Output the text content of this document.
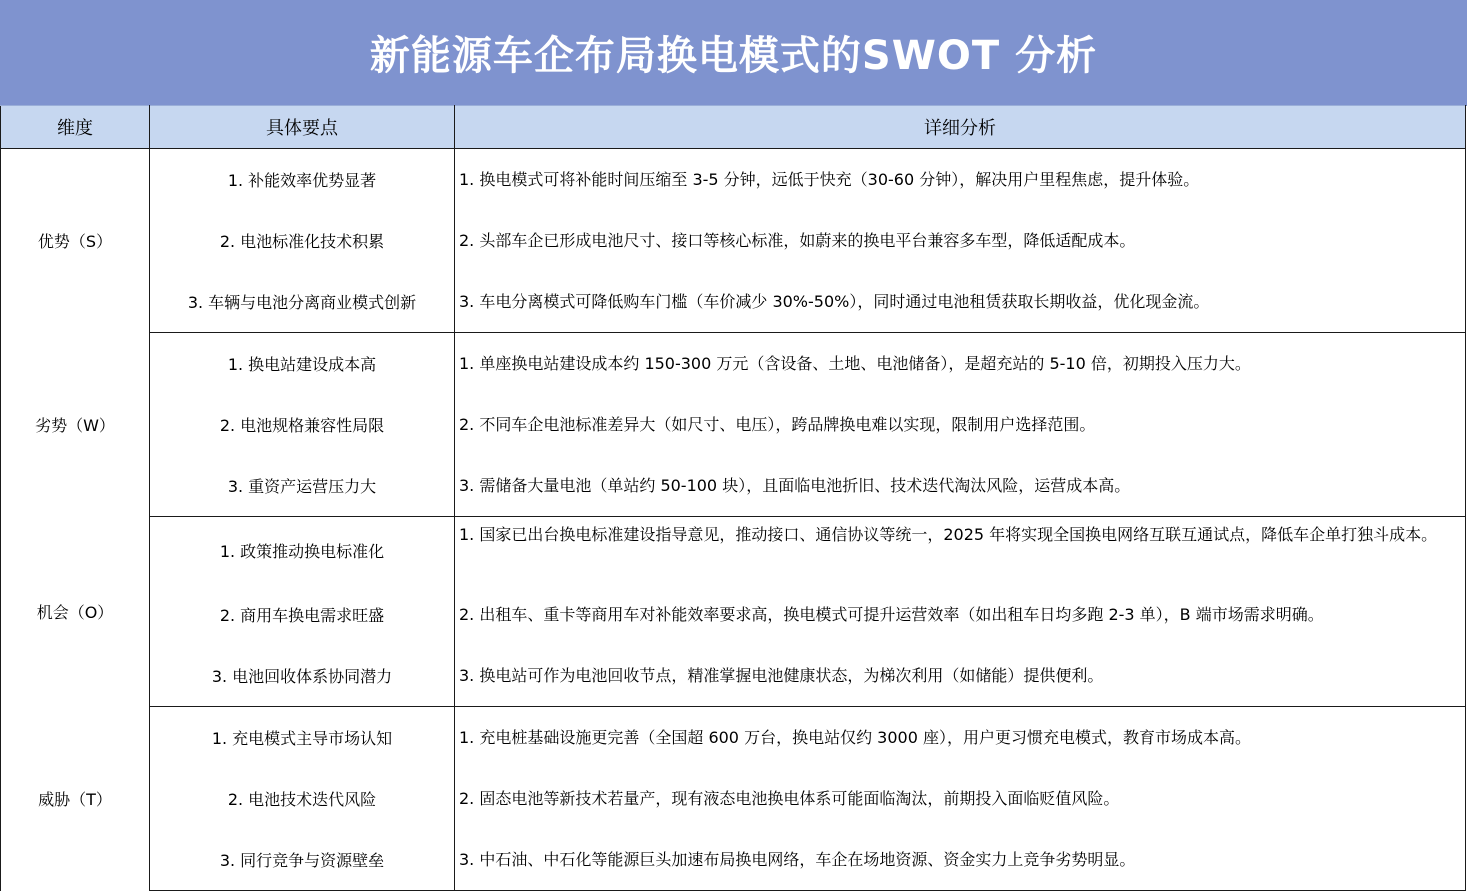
新能源车企布局换电模式的SWOT 分析
维度	具体要点	详细分析
优势（S）	1. 补能效率优势显著	1. 换电模式可将补能时间压缩至 3-5 分钟，远低于快充（30-60 分钟），解决用户里程焦虑，提升体验。
	2. 电池标准化技术积累	2. 头部车企已形成电池尺寸、接口等核心标准，如蔚来的换电平台兼容多车型，降低适配成本。
	3. 车辆与电池分离商业模式创新	3. 车电分离模式可降低购车门槛（车价减少 30%-50%），同时通过电池租赁获取长期收益，优化现金流。
劣势（W）	1. 换电站建设成本高	1. 单座换电站建设成本约 150-300 万元（含设备、土地、电池储备），是超充站的 5-10 倍，初期投入压力大。
	2. 电池规格兼容性局限	2. 不同车企电池标准差异大（如尺寸、电压），跨品牌换电难以实现，限制用户选择范围。
	3. 重资产运营压力大	3. 需储备大量电池（单站约 50-100 块），且面临电池折旧、技术迭代淘汰风险，运营成本高。
机会（O）	1. 政策推动换电标准化	1. 国家已出台换电标准建设指导意见，推动接口、通信协议等统一，2025 年将实现全国换电网络互联互通试点，降低车企单打独斗成本。
	2. 商用车换电需求旺盛	2. 出租车、重卡等商用车对补能效率要求高，换电模式可提升运营效率（如出租车日均多跑 2-3 单），B 端市场需求明确。
	3. 电池回收体系协同潜力	3. 换电站可作为电池回收节点，精准掌握电池健康状态，为梯次利用（如储能）提供便利。
威胁（T）	1. 充电模式主导市场认知	1. 充电桩基础设施更完善（全国超 600 万台，换电站仅约 3000 座），用户更习惯充电模式，教育市场成本高。
	2. 电池技术迭代风险	2. 固态电池等新技术若量产，现有液态电池换电体系可能面临淘汰，前期投入面临贬值风险。
	3. 同行竞争与资源壁垒	3. 中石油、中石化等能源巨头加速布局换电网络，车企在场地资源、资金实力上竞争劣势明显。
